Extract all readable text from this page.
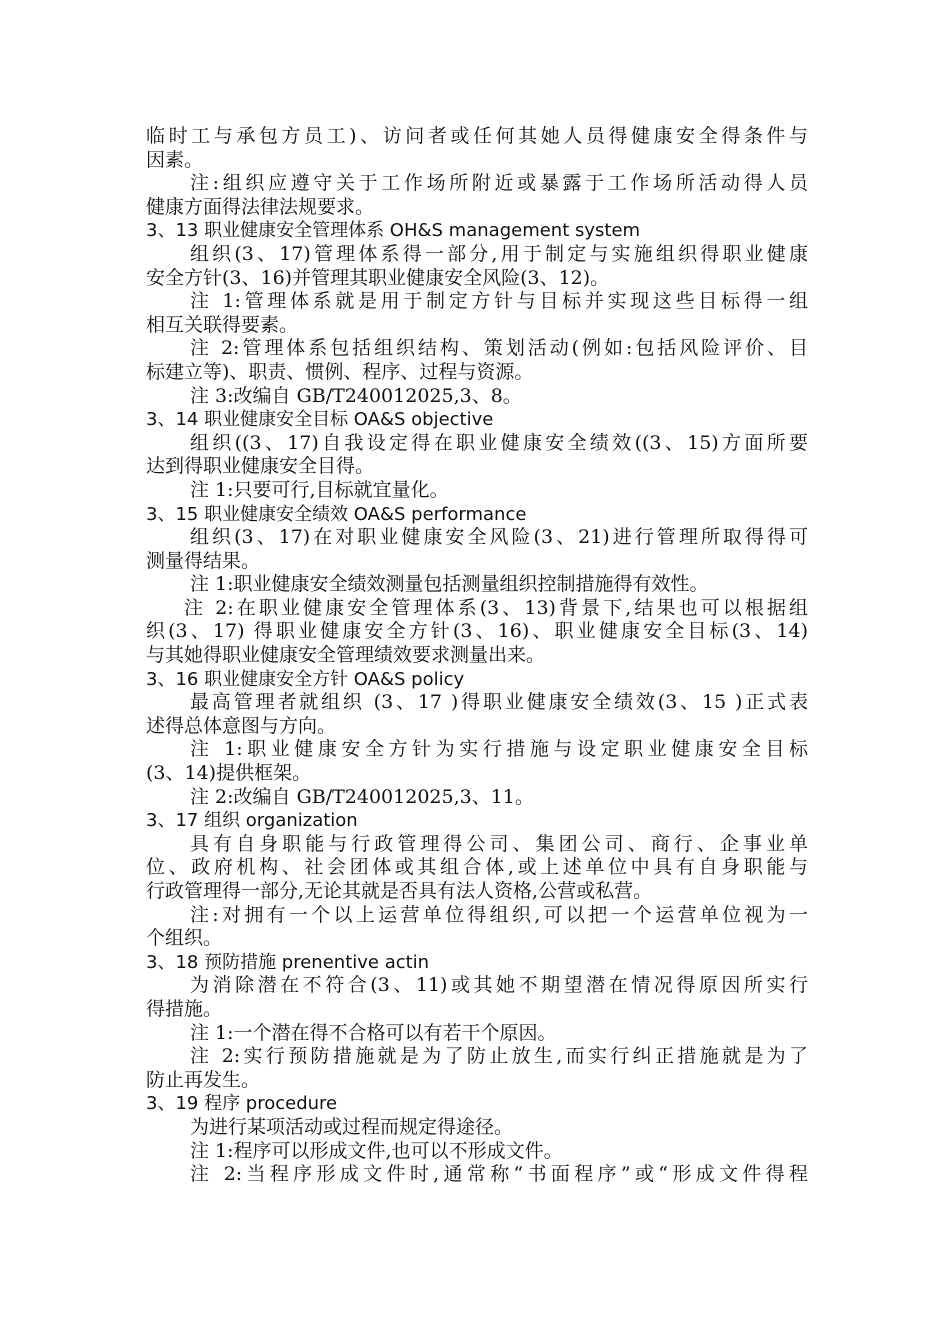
临时工与承包方员工)、访问者或任何其她人员得健康安全得条件与
因素。
注:组织应遵守关于工作场所附近或暴露于工作场所活动得人员
健康方面得法律法规要求。
3、13 职业健康安全管理体系 OH&S management system
组织(3、17)管理体系得一部分,用于制定与实施组织得职业健康
安全方针(3、16)并管理其职业健康安全风险(3、12)。
注 1:管理体系就是用于制定方针与目标并实现这些目标得一组
相互关联得要素。
注 2:管理体系包括组织结构、策划活动(例如:包括风险评价、目
标建立等)、职责、惯例、程序、过程与资源。
注 3:改编自 GB/T240012025,3、8。
3、14 职业健康安全目标 OA&S objective
组织((3、17)自我设定得在职业健康安全绩效((3、15)方面所要
达到得职业健康安全目得。
注 1:只要可行,目标就宜量化。
3、15 职业健康安全绩效 OA&S performance
组织(3、17)在对职业健康安全风险(3、21)进行管理所取得得可
测量得结果。
注 1:职业健康安全绩效测量包括测量组织控制措施得有效性。
注 2:在职业健康安全管理体系(3、13)背景下,结果也可以根据组
织(3、17) 得职业健康安全方针(3、16)、职业健康安全目标(3、14)
与其她得职业健康安全管理绩效要求测量出来。
3、16 职业健康安全方针 OA&S policy
最高管理者就组织 (3、17 )得职业健康安全绩效(3、15 )正式表
述得总体意图与方向。
注 1:职业健康安全方针为实行措施与设定职业健康安全目标
(3、14)提供框架。
注 2:改编自 GB/T240012025,3、11。
3、17 组织 organization
具有自身职能与行政管理得公司、集团公司、商行、企事业单
位、政府机构、社会团体或其组合体,或上述单位中具有自身职能与
行政管理得一部分,无论其就是否具有法人资格,公营或私营。
注:对拥有一个以上运营单位得组织,可以把一个运营单位视为一
个组织。
3、18 预防措施 prenentive actin
为消除潜在不符合(3、11)或其她不期望潜在情况得原因所实行
得措施。
注 1:一个潜在得不合格可以有若干个原因。
注 2:实行预防措施就是为了防止放生,而实行纠正措施就是为了
防止再发生。
3、19 程序 procedure
为进行某项活动或过程而规定得途径。
注 1:程序可以形成文件,也可以不形成文件。
注 2:当程序形成文件时,通常称“书面程序”或“形成文件得程
